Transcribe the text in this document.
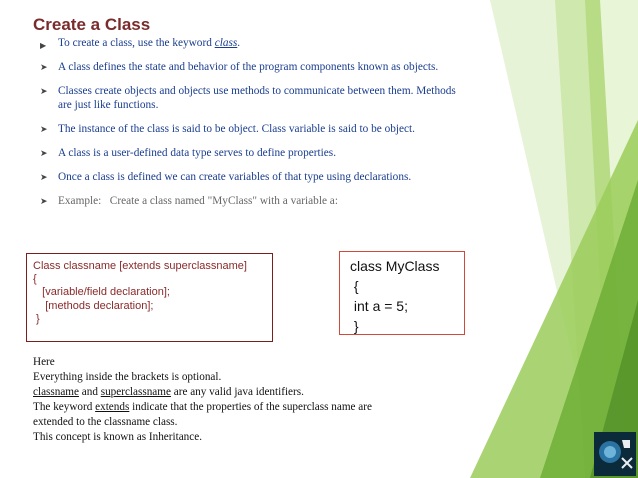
Create a Class
▶ To create a class, use the keyword class.
➤ A class defines the state and behavior of the program components known as objects.
➤ Classes create objects and objects use methods to communicate between them. Methods are just like functions.
➤ The instance of the class is said to be object. Class variable is said to be object.
➤ A class is a user-defined data type serves to define properties.
➤ Once a class is defined we can create variables of that type using declarations.
➤ Example: Create a class named "MyClass" with a variable a:
Class classname [extends superclassname]
{
[variable/field declaration];
[methods declaration];
}
class MyClass
{
int a = 5;
}
Here
Everything inside the brackets is optional.
classname and superclassname are any valid java identifiers.
The keyword extends indicate that the properties of the superclass name are
extended to the classname class.
This concept is known as Inheritance.
